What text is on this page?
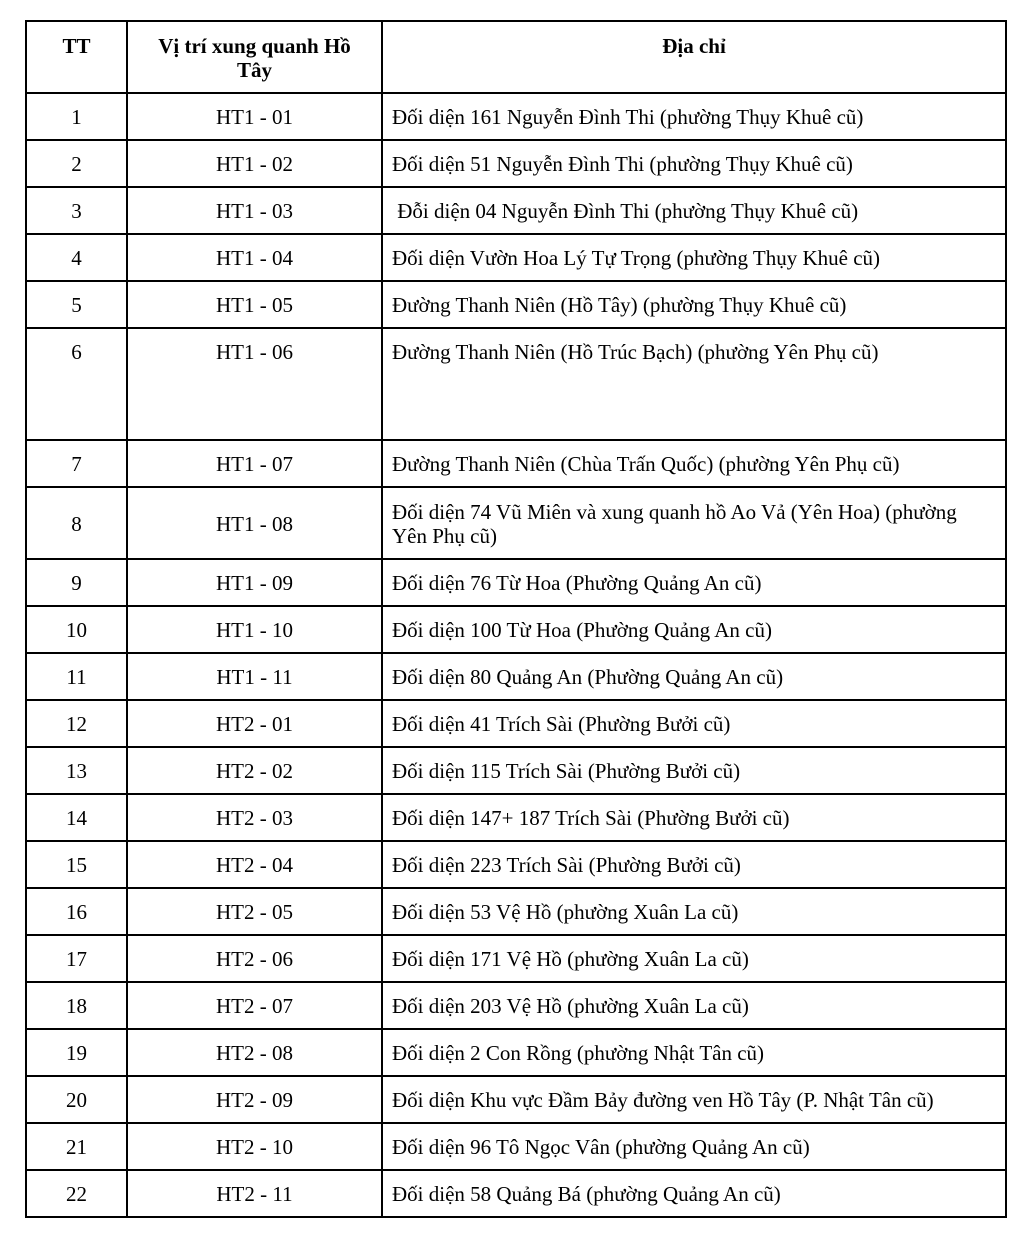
TT	Vị trí xung quanh Hồ Tây	Địa chỉ
1	HT1 - 01	Đối diện 161 Nguyễn Đình Thi (phường Thụy Khuê cũ)
2	HT1 - 02	Đối diện 51 Nguyễn Đình Thi (phường Thụy Khuê cũ)
3	HT1 - 03	Đỗi diện 04 Nguyễn Đình Thi (phường Thụy Khuê cũ)
4	HT1 - 04	Đối diện Vườn Hoa Lý Tự Trọng (phường Thụy Khuê cũ)
5	HT1 - 05	Đường Thanh Niên (Hồ Tây) (phường Thụy Khuê cũ)
6	HT1 - 06	Đường Thanh Niên (Hồ Trúc Bạch) (phường Yên Phụ cũ)
7	HT1 - 07	Đường Thanh Niên (Chùa Trấn Quốc) (phường Yên Phụ cũ)
8	HT1 - 08	Đối diện 74 Vũ Miên và xung quanh hồ Ao Vả (Yên Hoa) (phường Yên Phụ cũ)
9	HT1 - 09	Đối diện 76 Từ Hoa (Phường Quảng An cũ)
10	HT1 - 10	Đối diện 100 Từ Hoa (Phường Quảng An cũ)
11	HT1 - 11	Đối diện 80 Quảng An (Phường Quảng An cũ)
12	HT2 - 01	Đối diện 41 Trích Sài (Phường Bưởi cũ)
13	HT2 - 02	Đối diện 115 Trích Sài (Phường Bưởi cũ)
14	HT2 - 03	Đối diện 147+ 187 Trích Sài (Phường Bưởi cũ)
15	HT2 - 04	Đối diện 223 Trích Sài (Phường Bưởi cũ)
16	HT2 - 05	Đối diện 53 Vệ Hồ (phường Xuân La cũ)
17	HT2 - 06	Đối diện 171 Vệ Hồ (phường Xuân La cũ)
18	HT2 - 07	Đối diện 203 Vệ Hồ (phường Xuân La cũ)
19	HT2 - 08	Đối diện 2 Con Rồng (phường Nhật Tân cũ)
20	HT2 - 09	Đối diện Khu vực Đầm Bảy đường ven Hồ Tây (P. Nhật Tân cũ)
21	HT2 - 10	Đối diện 96 Tô Ngọc Vân (phường Quảng An cũ)
22	HT2 - 11	Đối diện 58 Quảng Bá (phường Quảng An cũ)
